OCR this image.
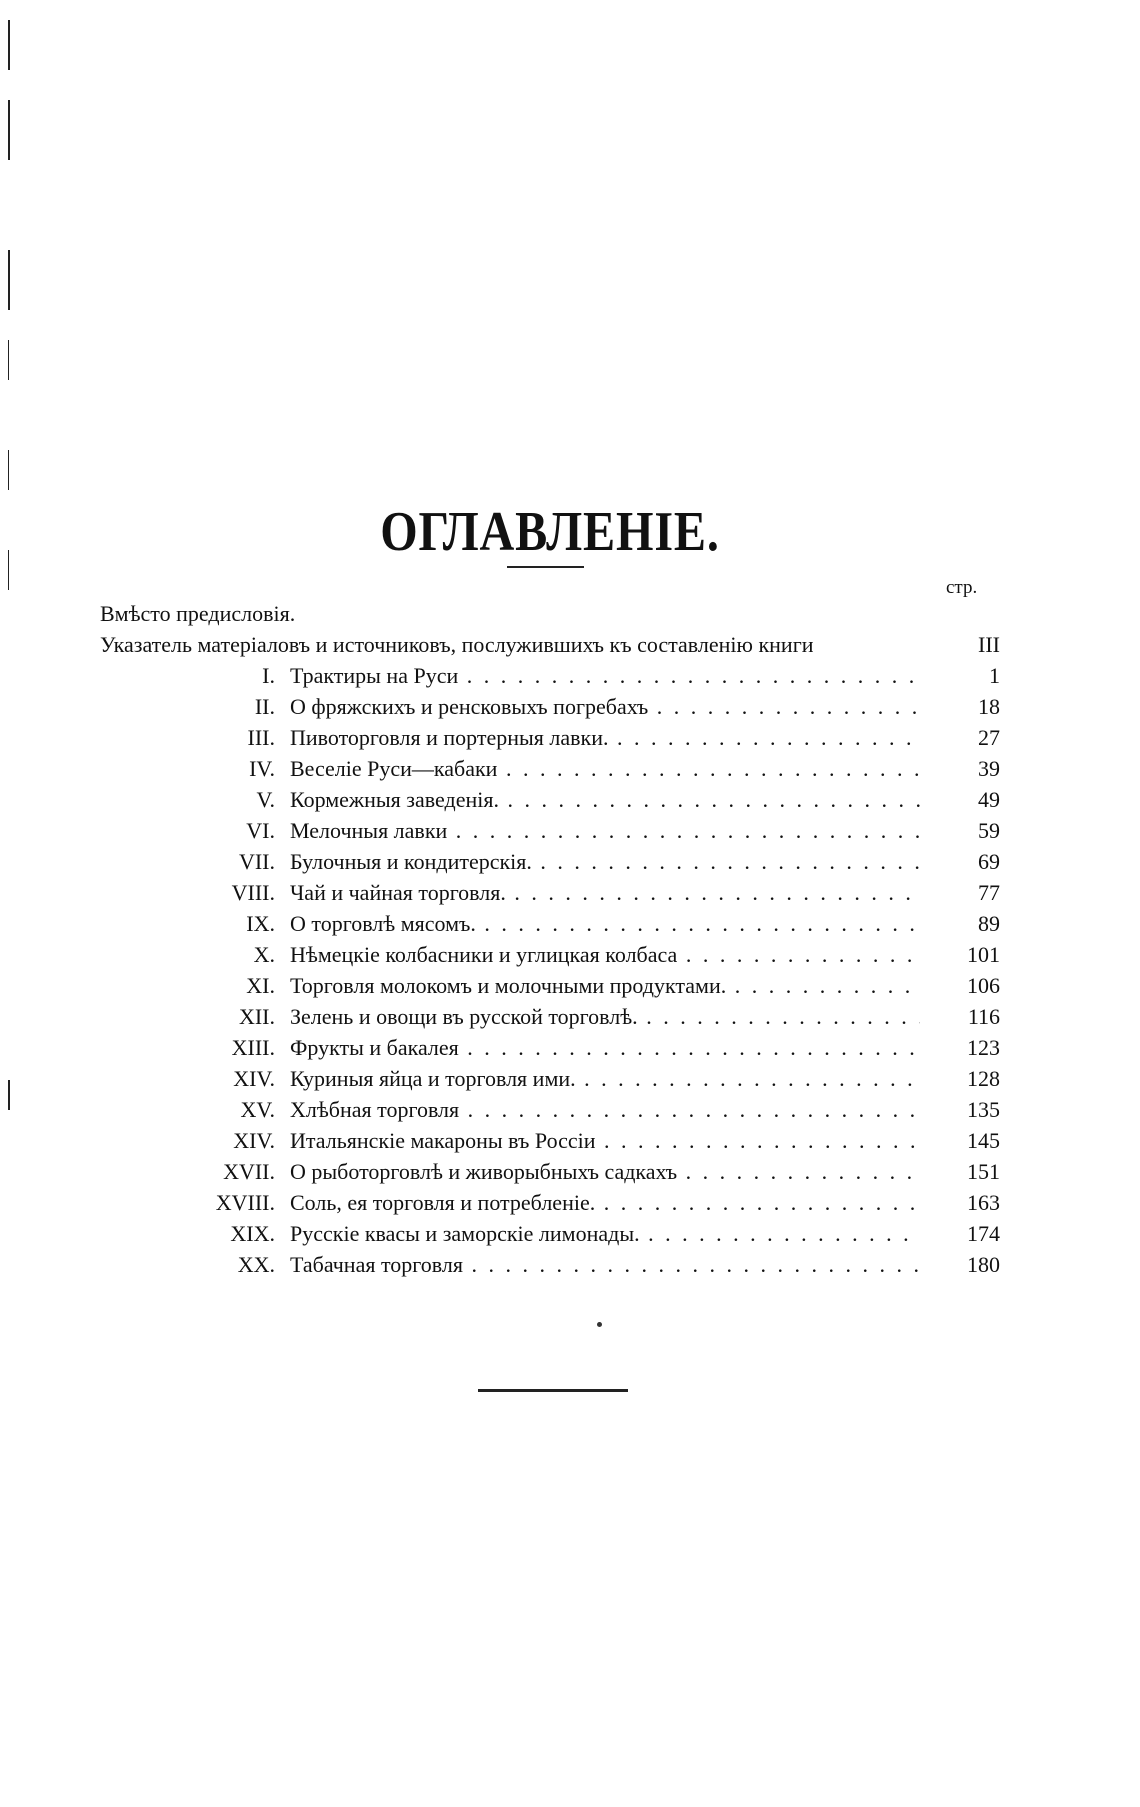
ОГЛАВЛЕНІЕ.
стр.
Вмѣсто предисловія.
Указатель матеріаловъ и источниковъ, послужившихъ къ составленію книги	III
I. Трактиры на Руси . . .	1
II. О фряжскихъ и ренсковыхъ погребахъ . . .	18
III. Пивоторговля и портерныя лавки. . . .	27
IV. Веселіе Руси—кабаки . . .	39
V. Кормежныя заведенія. . . .	49
VI. Мелочныя лавки . . .	59
VII. Булочныя и кондитерскія. . . .	69
VIII. Чай и чайная торговля. . . .	77
IX. О торговлѣ мясомъ. . . .	89
X. Нѣмецкіе колбасники и углицкая колбаса . . .	101
XI. Торговля молокомъ и молочными продуктами. . . .	106
XII. Зелень и овощи въ русской торговлѣ. . . .	116
XIII. Фрукты и бакалея . . .	123
XIV. Куриныя яйца и торговля ими. . . .	128
XV. Хлѣбная торговля . . .	135
XIV. Итальянскіе макароны въ Россіи . . .	145
XVII. О рыботорговлѣ и живорыбныхъ садкахъ . . .	151
XVIII. Соль, ея торговля и потребленіе. . . .	163
XIX. Русскіе квасы и заморскіе лимонады. . . .	174
XX. Табачная торговля . . .	180
